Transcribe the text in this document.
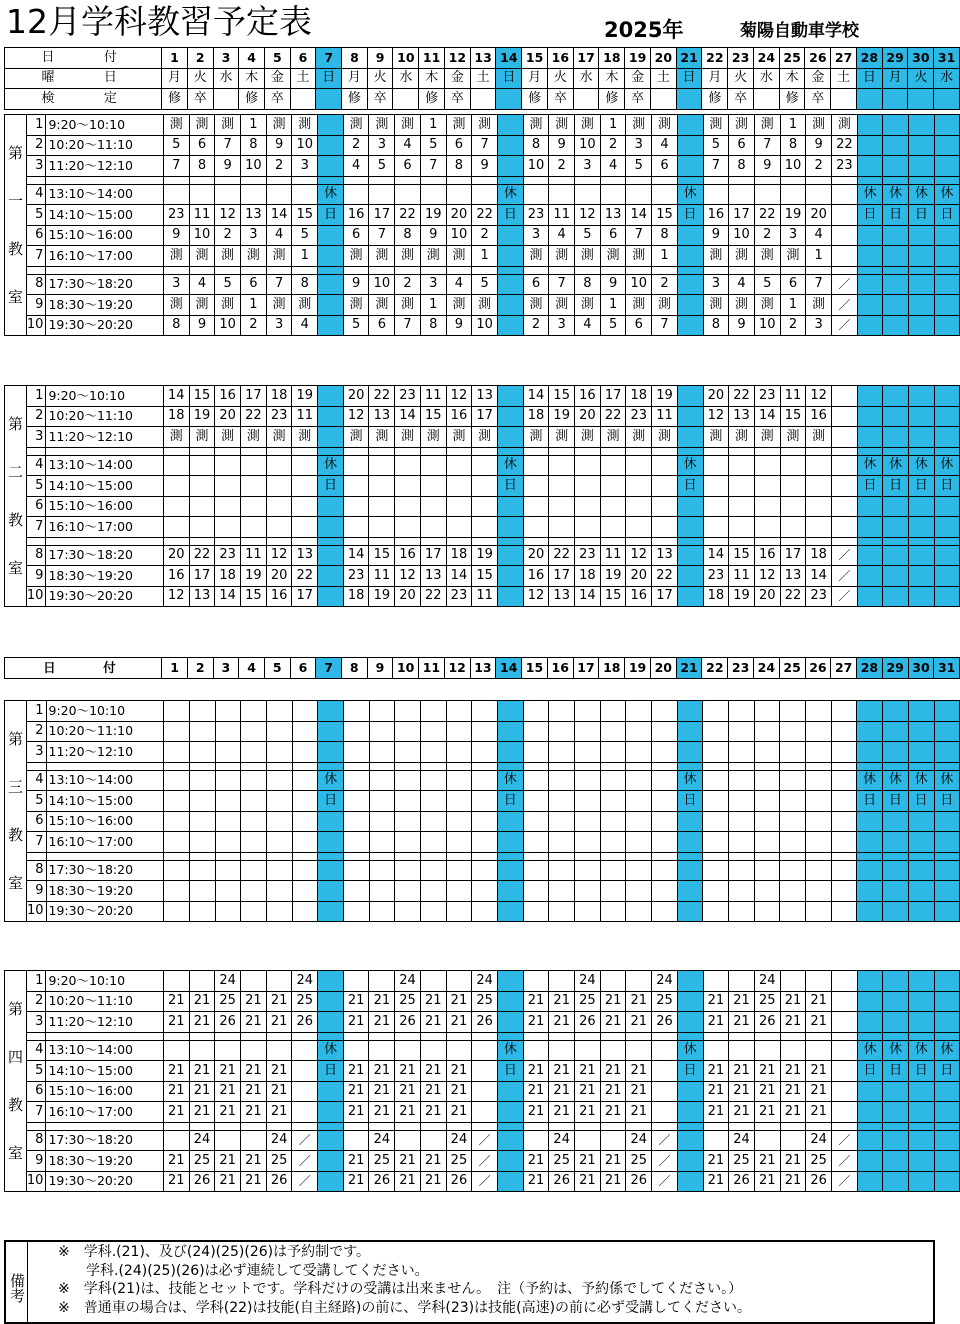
12月学科教習予定表	2025年	菊陽自動車学校
日　　付	1	2	3	4	5	6	7	8	9	10	11	12	13	14	15	16	17	18	19	20	21	22	23	24	25	26	27	28	29	30	31
曜　　日	月	火	水	木	金	土	日	月	火	水	木	金	土	日	月	火	水	木	金	土	日	月	火	水	木	金	土	日	月	火	水
検　　定	修	卒		修	卒			修	卒		修	卒			修	卒		修	卒			修	卒		修	卒					
第
一
教
室	1	9:20～10:10	測	測	測	1	測	測		測	測	測	1	測	測		測	測	測	1	測	測		測	測	測	1	測	測				
	2	10:20～11:10	5	6	7	8	9	10		2	3	4	5	6	7		8	9	10	2	3	4		5	6	7	8	9	22				
	3	11:20～12:10	7	8	9	10	2	3		4	5	6	7	8	9		10	2	3	4	5	6		7	8	9	10	2	23				

	4	13:10～14:00							休							休							休							休	休	休	休
	5	14:10～15:00	23	11	12	13	14	15	日	16	17	22	19	20	22	日	23	11	12	13	14	15	日	16	17	22	19	20		日	日	日	日
	6	15:10～16:00	9	10	2	3	4	5		6	7	8	9	10	2		3	4	5	6	7	8		9	10	2	3	4					
	7	16:10～17:00	測	測	測	測	測	1		測	測	測	測	測	1		測	測	測	測	測	1		測	測	測	測	1					

	8	17:30～18:20	3	4	5	6	7	8		9	10	2	3	4	5		6	7	8	9	10	2		3	4	5	6	7	／				
	9	18:30～19:20	測	測	測	1	測	測		測	測	測	1	測	測		測	測	測	1	測	測		測	測	測	1	測	／				
	10	19:30～20:20	8	9	10	2	3	4		5	6	7	8	9	10		2	3	4	5	6	7		8	9	10	2	3	／				
第
二
教
室	1	9:20～10:10	14	15	16	17	18	19		20	22	23	11	12	13		14	15	16	17	18	19		20	22	23	11	12					
	2	10:20～11:10	18	19	20	22	23	11		12	13	14	15	16	17		18	19	20	22	23	11		12	13	14	15	16					
	3	11:20～12:10	測	測	測	測	測	測		測	測	測	測	測	測		測	測	測	測	測	測		測	測	測	測	測					

	4	13:10～14:00							休							休							休							休	休	休	休
	5	14:10～15:00							日							日							日							日	日	日	日
	6	15:10～16:00																															
	7	16:10～17:00																															

	8	17:30～18:20	20	22	23	11	12	13		14	15	16	17	18	19		20	22	23	11	12	13		14	15	16	17	18	／				
	9	18:30～19:20	16	17	18	19	20	22		23	11	12	13	14	15		16	17	18	19	20	22		23	11	12	13	14	／				
	10	19:30～20:20	12	13	14	15	16	17		18	19	20	22	23	11		12	13	14	15	16	17		18	19	20	22	23	／				
日　　付	1	2	3	4	5	6	7	8	9	10	11	12	13	14	15	16	17	18	19	20	21	22	23	24	25	26	27	28	29	30	31
第
三
教
室	1	9:20～10:10																															
	2	10:20～11:10																															
	3	11:20～12:10																															

	4	13:10～14:00							休							休							休							休	休	休	休
	5	14:10～15:00							日							日							日							日	日	日	日
	6	15:10～16:00																															
	7	16:10～17:00																															

	8	17:30～18:20																															
	9	18:30～19:20																															
	10	19:30～20:20																															
第
四
教
室	1	9:20～10:10			24			24				24			24				24			24				24							
	2	10:20～11:10	21	21	25	21	21	25		21	21	25	21	21	25		21	21	25	21	21	25		21	21	25	21	21					
	3	11:20～12:10	21	21	26	21	21	26		21	21	26	21	21	26		21	21	26	21	21	26		21	21	26	21	21					

	4	13:10～14:00							休							休							休							休	休	休	休
	5	14:10～15:00	21	21	21	21	21		日	21	21	21	21	21		日	21	21	21	21	21		日	21	21	21	21	21		日	日	日	日
	6	15:10～16:00	21	21	21	21	21			21	21	21	21	21			21	21	21	21	21			21	21	21	21	21					
	7	16:10～17:00	21	21	21	21	21			21	21	21	21	21			21	21	21	21	21			21	21	21	21	21					

	8	17:30～18:20		24			24	／			24			24	／			24			24	／			24			24	／				
	9	18:30～19:20	21	25	21	21	25	／		21	25	21	21	25	／		21	25	21	21	25	／		21	25	21	21	25	／				
	10	19:30～20:20	21	26	21	21	26	／		21	26	21	21	26	／		21	26	21	21	26	／		21	26	21	21	26	／				
備考
※　学科.(21)、及び(24)(25)(26)は予約制です。
　　学科.(24)(25)(26)は必ず連続して受講してください。
※　学科(21)は、技能とセットです。学科だけの受講は出来ません。　注（予約は、予約係でしてください。）
※　普通車の場合は、学科(22)は技能(自主経路)の前に、学科(23)は技能(高速)の前に必ず受講してください。
